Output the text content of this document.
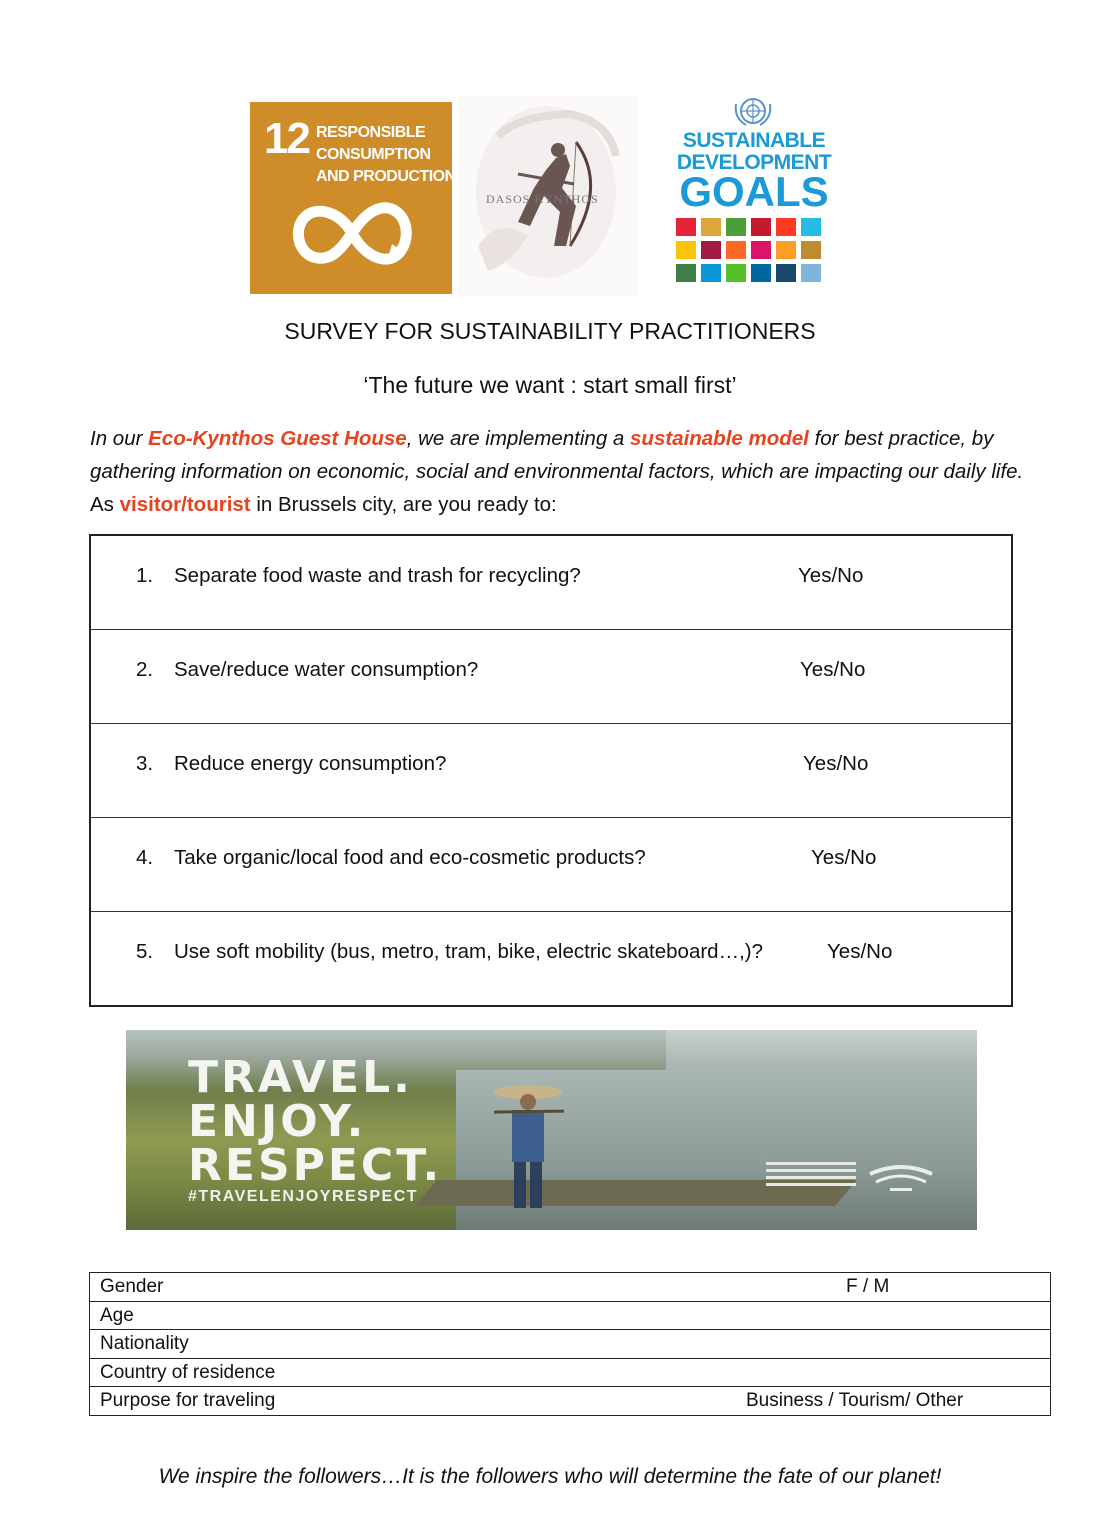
12 RESPONSIBLE
CONSUMPTION
AND PRODUCTION
DASOS KYNTHOS
SUSTAINABLE
DEVELOPMENT
GOALS
SURVEY FOR SUSTAINABILITY PRACTITIONERS
‘The future we want : start small first’
In our Eco-Kynthos Guest House, we are implementing a sustainable model for best practice, by gathering information on economic, social and environmental factors, which are impacting our daily life. As visitor/tourist in Brussels city, are you ready to:
1. Separate food waste and trash for recycling?	Yes/No
2. Save/reduce water consumption?	Yes/No
3. Reduce energy consumption?	Yes/No
4. Take organic/local food and eco-cosmetic products?	Yes/No
5. Use soft mobility (bus, metro, tram, bike, electric skateboard…,)?	Yes/No
TRAVEL.
ENJOY.
RESPECT.
#TRAVELENJOYRESPECT
Gender	F / M
Age
Nationality
Country of residence
Purpose for traveling	Business / Tourism/ Other
We inspire the followers…It is the followers who will determine the fate of our planet!
